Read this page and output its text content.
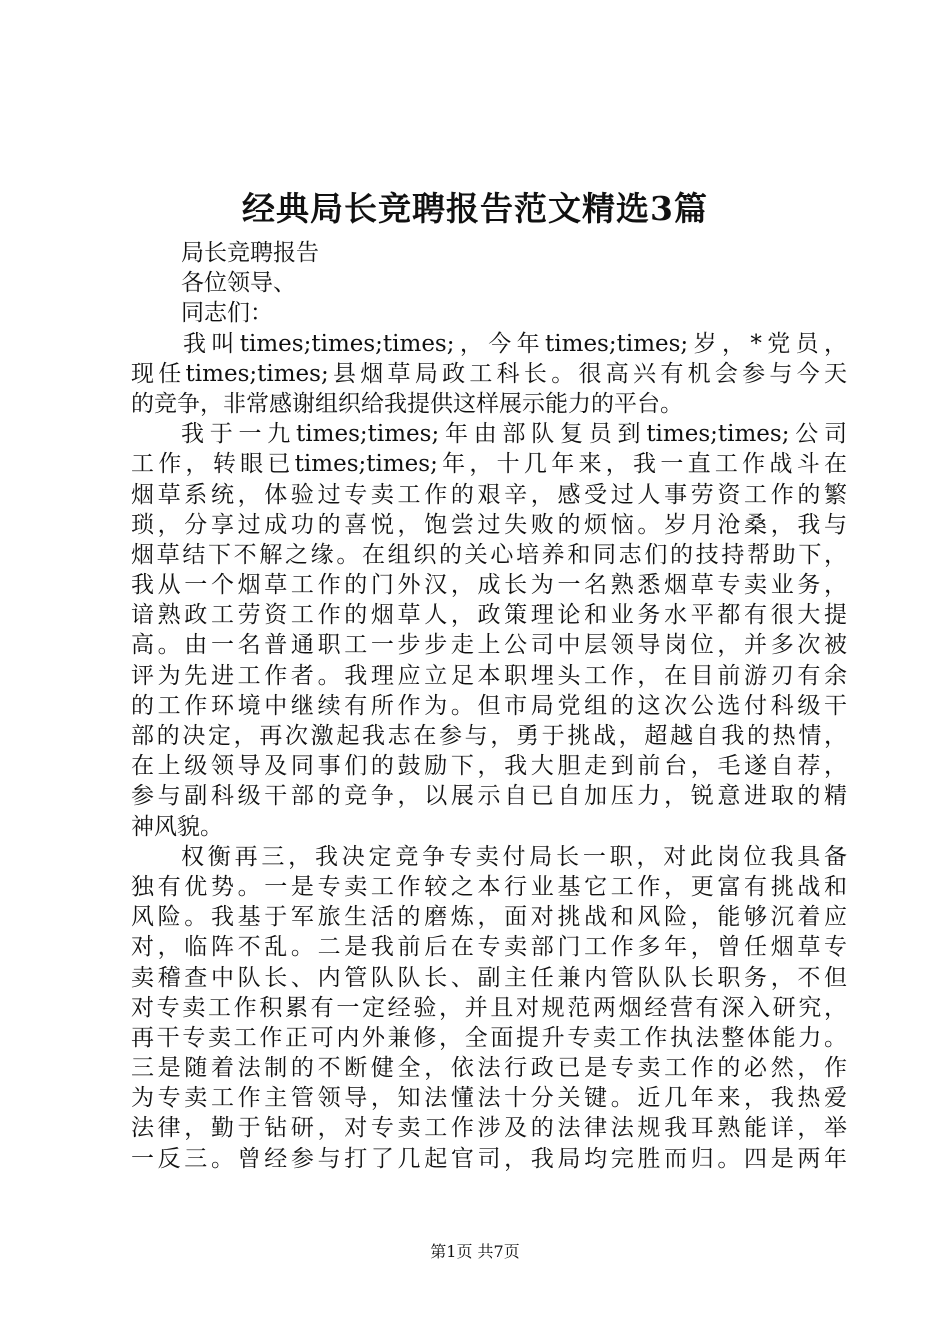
经典局长竞聘报告范文精选3篇
局长竞聘报告
各位领导、
同志们：
我叫times;times;times;，今年times;times;岁，*党员，
现任times;times;县烟草局政工科长。很高兴有机会参与今天
的竞争，非常感谢组织给我提供这样展示能力的平台。
我于一九times;times;年由部队复员到times;times;公司
工作，转眼已times;times;年，十几年来，我一直工作战斗在
烟草系统，体验过专卖工作的艰辛，感受过人事劳资工作的繁
琐，分享过成功的喜悦，饱尝过失败的烦恼。岁月沧桑，我与
烟草结下不解之缘。在组织的关心培养和同志们的技持帮助下，
我从一个烟草工作的门外汉，成长为一名熟悉烟草专卖业务，
谙熟政工劳资工作的烟草人，政策理论和业务水平都有很大提
高。由一名普通职工一步步走上公司中层领导岗位，并多次被
评为先进工作者。我理应立足本职埋头工作，在目前游刃有余
的工作环境中继续有所作为。但市局党组的这次公选付科级干
部的决定，再次激起我志在参与，勇于挑战，超越自我的热情，
在上级领导及同事们的鼓励下，我大胆走到前台，毛遂自荐，
参与副科级干部的竞争，以展示自已自加压力，锐意进取的精
神风貌。
权衡再三，我决定竞争专卖付局长一职，对此岗位我具备
独有优势。一是专卖工作较之本行业基它工作，更富有挑战和
风险。我基于军旅生活的磨炼，面对挑战和风险，能够沉着应
对，临阵不乱。二是我前后在专卖部门工作多年，曾任烟草专
卖稽查中队长、内管队队长、副主任兼内管队队长职务，不但
对专卖工作积累有一定经验，并且对规范两烟经营有深入研究，
再干专卖工作正可内外兼修，全面提升专卖工作执法整体能力。
三是随着法制的不断健全，依法行政已是专卖工作的必然，作
为专卖工作主管领导，知法懂法十分关键。近几年来，我热爱
法律，勤于钻研，对专卖工作涉及的法律法规我耳熟能详，举
一反三。曾经参与打了几起官司，我局均完胜而归。四是两年
第1页 共7页
